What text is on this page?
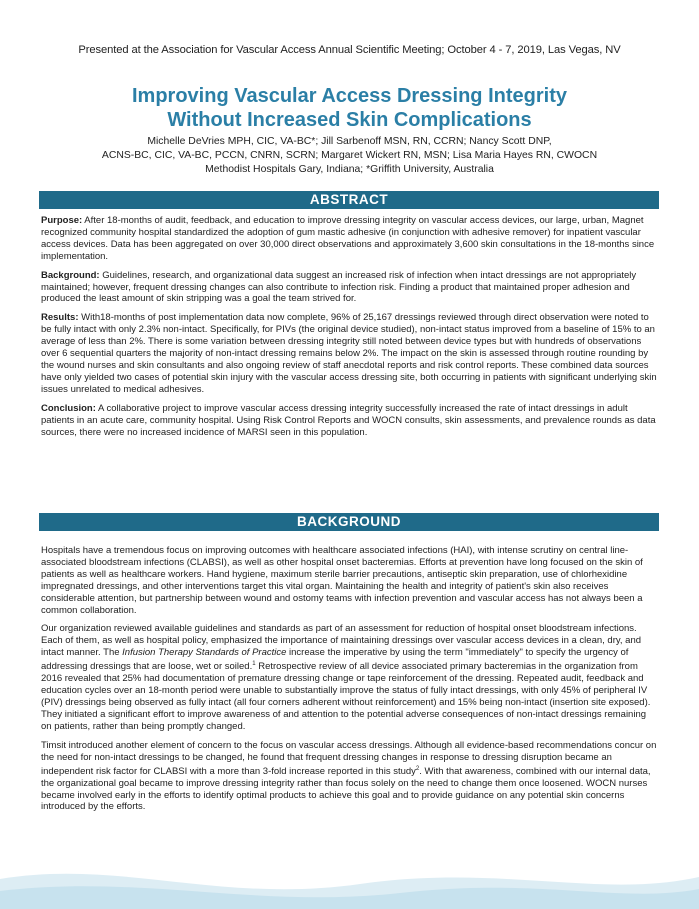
Presented at the Association for Vascular Access Annual Scientific Meeting; October 4 - 7, 2019, Las Vegas, NV
Improving Vascular Access Dressing Integrity
Without Increased Skin Complications
Michelle DeVries MPH, CIC, VA-BC*; Jill Sarbenoff MSN, RN, CCRN; Nancy Scott DNP,
ACNS-BC, CIC, VA-BC, PCCN, CNRN, SCRN; Margaret Wickert RN, MSN; Lisa Maria Hayes RN, CWOCN
Methodist Hospitals Gary, Indiana; *Griffith University, Australia
ABSTRACT

Purpose: After 18-months of audit, feedback, and education to improve dressing integrity on vascular access devices, our large, urban, Magnet recognized community hospital standardized the adoption of gum mastic adhesive (in conjunction with adhesive remover) for inpatient vascular access devices. Data has been aggregated on over 30,000 direct observations and approximately 3,600 skin consultations in the 18-months since implementation.

Background: Guidelines, research, and organizational data suggest an increased risk of infection when intact dressings are not appropriately maintained; however, frequent dressing changes can also contribute to infection risk. Finding a product that maintained proper adhesion and produced the least amount of skin stripping was a goal the team strived for.

Results: With18-months of post implementation data now complete, 96% of 25,167 dressings reviewed through direct observation were noted to be fully intact with only 2.3% non-intact. Specifically, for PIVs (the original device studied), non-intact status improved from a baseline of 15% to an average of less than 2%. There is some variation between dressing integrity still noted between device types but with hundreds of observations over 6 sequential quarters the majority of non-intact dressing remains below 2%. The impact on the skin is assessed through routine rounding by the wound nurses and skin consultants and also ongoing review of staff anecdotal reports and risk control reports. These combined data sources have only yielded two cases of potential skin injury with the vascular access dressing site, both occurring in patients with significant underlying skin issues unrelated to medical adhesives.

Conclusion: A collaborative project to improve vascular access dressing integrity successfully increased the rate of intact dressings in adult patients in an acute care, community hospital. Using Risk Control Reports and WOCN consults, skin assessments, and prevalence rounds as data sources, there were no increased incidence of MARSI seen in this population.

BACKGROUND

Hospitals have a tremendous focus on improving outcomes with healthcare associated infections (HAI), with intense scrutiny on central line-associated bloodstream infections (CLABSI), as well as other hospital onset bacteremias. Efforts at prevention have long focused on the skin of patients as well as healthcare workers. Hand hygiene, maximum sterile barrier precautions, antiseptic skin preparation, use of chlorhexidine impregnated dressings, and other interventions target this vital organ. Maintaining the health and integrity of patient's skin also receives considerable attention, but partnership between wound and ostomy teams with infection prevention and vascular access has not always been a common collaboration.

Our organization reviewed available guidelines and standards as part of an assessment for reduction of hospital onset bloodstream infections. Each of them, as well as hospital policy, emphasized the importance of maintaining dressings over vascular access devices in a clean, dry, and intact manner. The Infusion Therapy Standards of Practice increase the imperative by using the term "immediately" to specify the urgency of addressing dressings that are loose, wet or soiled.$^1$ Retrospective review of all device associated primary bacteremias in the organization from 2016 revealed that 25% had documentation of premature dressing change or tape reinforcement of the dressing. Repeated audit, feedback and education cycles over an 18-month period were unable to substantially improve the status of fully intact dressings, with only 45% of peripheral IV (PIV) dressings being observed as fully intact (all four corners adherent without reinforcement) and 15% being non-intact (insertion site exposed). They initiated a significant effort to improve awareness of and attention to the potential adverse consequences of non-intact dressings remaining on patients, rather than being promptly changed.

Timsit introduced another element of concern to the focus on vascular access dressings. Although all evidence-based recommendations concur on the need for non-intact dressings to be changed, he found that frequent dressing changes in response to dressing disruption became an independent risk factor for CLABSI with a more than 3-fold increase reported in this study$^2$. With that awareness, combined with our internal data, the organizational goal became to improve dressing integrity rather than focus solely on the need to change them once loosened. WOCN nurses became involved early in the efforts to identify optimal products to achieve this goal and to provide guidance on any potential skin concerns introduced by the efforts.
